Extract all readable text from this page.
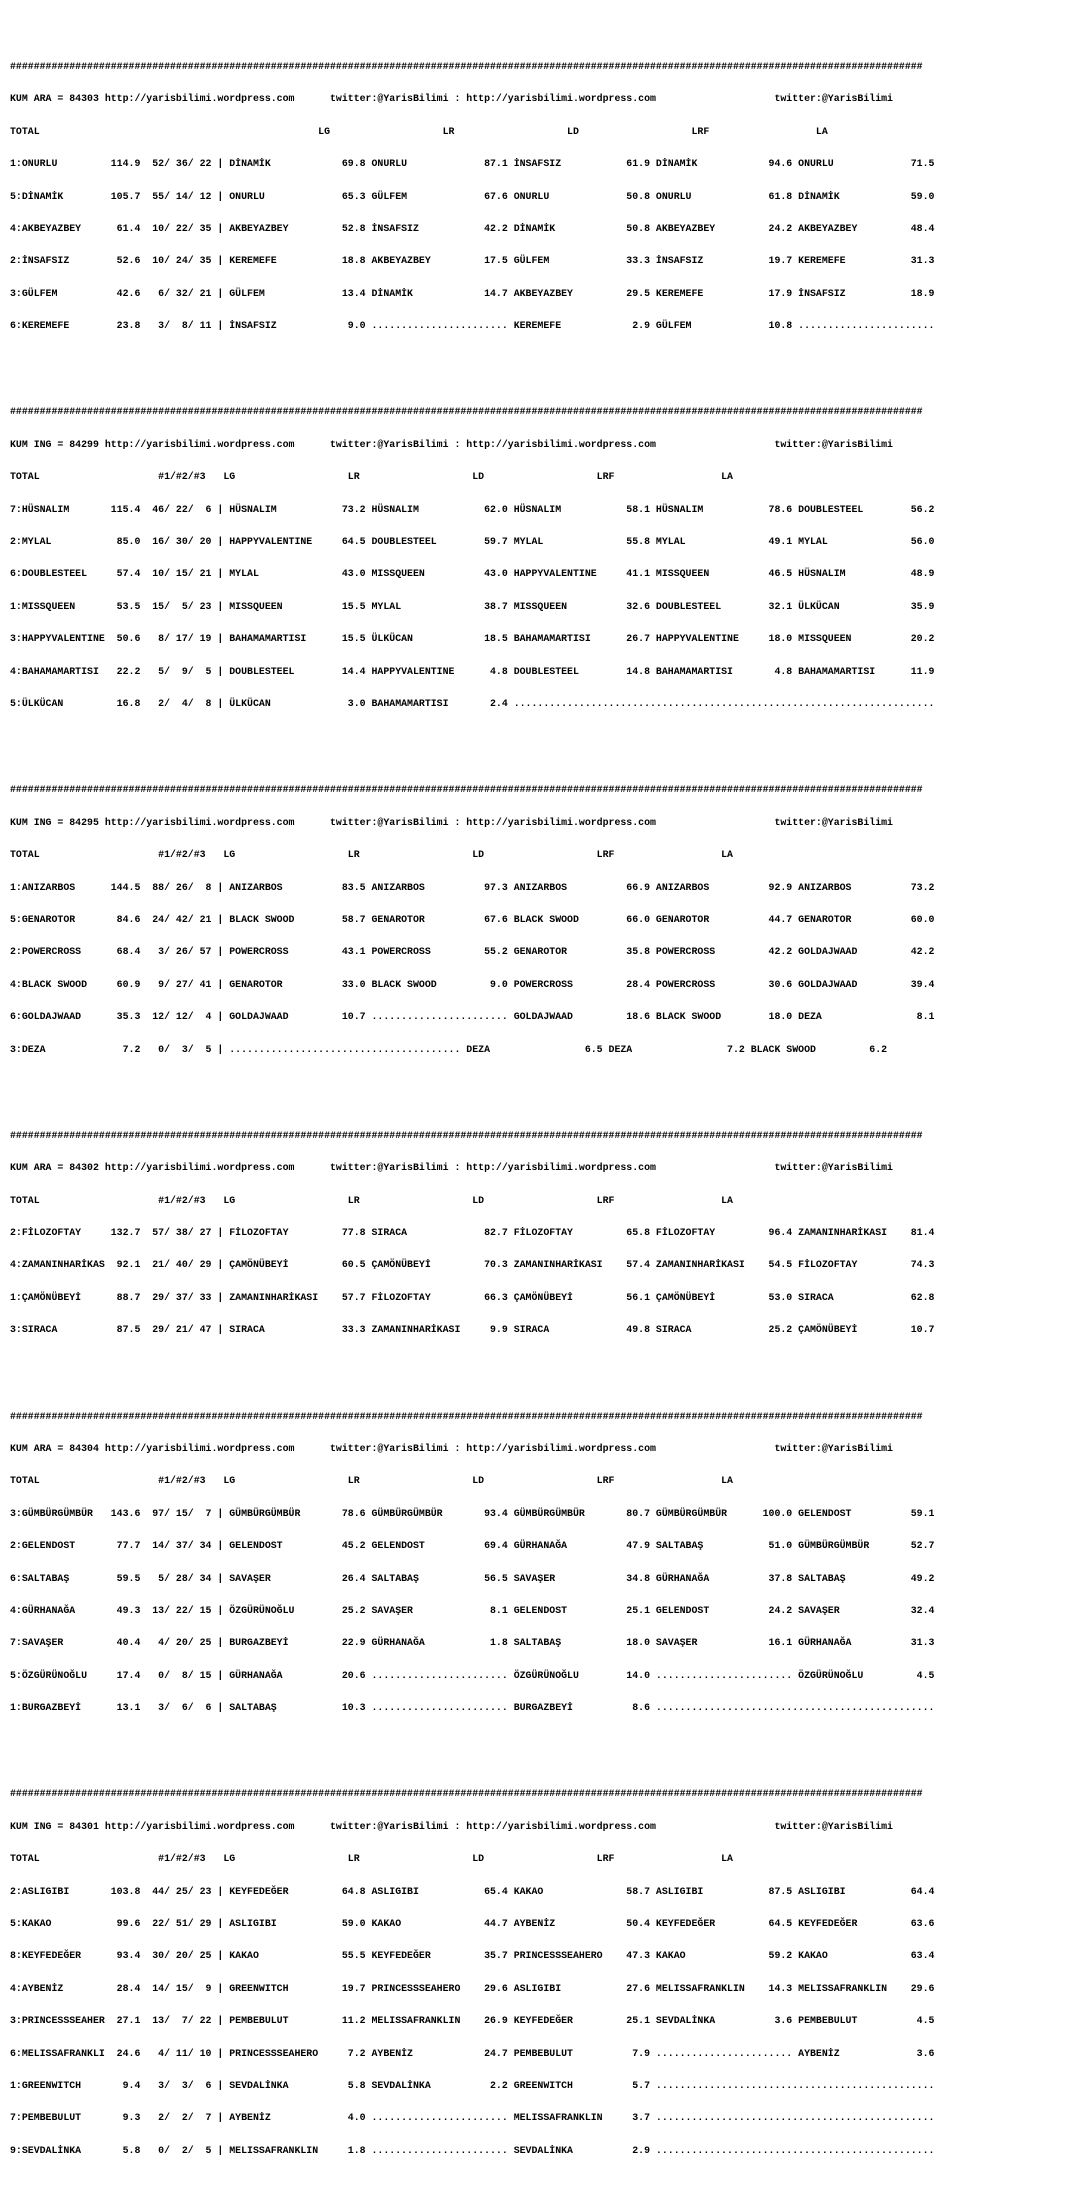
##########################################################################################################################################################

KUM ARA = 84303 http://yarisbilimi.wordpress.com      twitter:@YarisBilimi : http://yarisbilimi.wordpress.com                    twitter:@YarisBilimi

TOTAL                                               LG                   LR                   LD                   LRF                  LA

1:ONURLU         114.9  52/ 36/ 22 | DİNAMİK            69.8 ONURLU             87.1 İNSAFSIZ           61.9 DİNAMİK            94.6 ONURLU             71.5

5:DİNAMİK        105.7  55/ 14/ 12 | ONURLU             65.3 GÜLFEM             67.6 ONURLU             50.8 ONURLU             61.8 DİNAMİK            59.0

4:AKBEYAZBEY      61.4  10/ 22/ 35 | AKBEYAZBEY         52.8 İNSAFSIZ           42.2 DİNAMİK            50.8 AKBEYAZBEY         24.2 AKBEYAZBEY         48.4

2:İNSAFSIZ        52.6  10/ 24/ 35 | KEREMEFE           18.8 AKBEYAZBEY         17.5 GÜLFEM             33.3 İNSAFSIZ           19.7 KEREMEFE           31.3

3:GÜLFEM          42.6   6/ 32/ 21 | GÜLFEM             13.4 DİNAMİK            14.7 AKBEYAZBEY         29.5 KEREMEFE           17.9 İNSAFSIZ           18.9

6:KEREMEFE        23.8   3/  8/ 11 | İNSAFSIZ            9.0 ....................... KEREMEFE            2.9 GÜLFEM             10.8 .......................

##########################################################################################################################################################

KUM ING = 84299 http://yarisbilimi.wordpress.com      twitter:@YarisBilimi : http://yarisbilimi.wordpress.com                    twitter:@YarisBilimi

TOTAL                    #1/#2/#3   LG                   LR                   LD                   LRF                  LA

7:HÜSNALIM       115.4  46/ 22/  6 | HÜSNALIM           73.2 HÜSNALIM           62.0 HÜSNALIM           58.1 HÜSNALIM           78.6 DOUBLESTEEL        56.2

2:MYLAL           85.0  16/ 30/ 20 | HAPPYVALENTINE     64.5 DOUBLESTEEL        59.7 MYLAL              55.8 MYLAL              49.1 MYLAL              56.0

6:DOUBLESTEEL     57.4  10/ 15/ 21 | MYLAL              43.0 MISSQUEEN          43.0 HAPPYVALENTINE     41.1 MISSQUEEN          46.5 HÜSNALIM           48.9

1:MISSQUEEN       53.5  15/  5/ 23 | MISSQUEEN          15.5 MYLAL              38.7 MISSQUEEN          32.6 DOUBLESTEEL        32.1 ÜLKÜCAN            35.9

3:HAPPYVALENTINE  50.6   8/ 17/ 19 | BAHAMAMARTISI      15.5 ÜLKÜCAN            18.5 BAHAMAMARTISI      26.7 HAPPYVALENTINE     18.0 MISSQUEEN          20.2

4:BAHAMAMARTISI   22.2   5/  9/  5 | DOUBLESTEEL        14.4 HAPPYVALENTINE      4.8 DOUBLESTEEL        14.8 BAHAMAMARTISI       4.8 BAHAMAMARTISI      11.9

5:ÜLKÜCAN         16.8   2/  4/  8 | ÜLKÜCAN             3.0 BAHAMAMARTISI       2.4 .......................................................................

##########################################################################################################################################################

KUM ING = 84295 http://yarisbilimi.wordpress.com      twitter:@YarisBilimi : http://yarisbilimi.wordpress.com                    twitter:@YarisBilimi

TOTAL                    #1/#2/#3   LG                   LR                   LD                   LRF                  LA

1:ANIZARBOS      144.5  88/ 26/  8 | ANIZARBOS          83.5 ANIZARBOS          97.3 ANIZARBOS          66.9 ANIZARBOS          92.9 ANIZARBOS          73.2

5:GENAROTOR       84.6  24/ 42/ 21 | BLACK SWOOD        58.7 GENAROTOR          67.6 BLACK SWOOD        66.0 GENAROTOR          44.7 GENAROTOR          60.0

2:POWERCROSS      68.4   3/ 26/ 57 | POWERCROSS         43.1 POWERCROSS         55.2 GENAROTOR          35.8 POWERCROSS         42.2 GOLDAJWAAD         42.2

4:BLACK SWOOD     60.9   9/ 27/ 41 | GENAROTOR          33.0 BLACK SWOOD         9.0 POWERCROSS         28.4 POWERCROSS         30.6 GOLDAJWAAD         39.4

6:GOLDAJWAAD      35.3  12/ 12/  4 | GOLDAJWAAD         10.7 ....................... GOLDAJWAAD         18.6 BLACK SWOOD        18.0 DEZA                8.1

3:DEZA             7.2   0/  3/  5 | ....................................... DEZA                6.5 DEZA                7.2 BLACK SWOOD         6.2

##########################################################################################################################################################

KUM ARA = 84302 http://yarisbilimi.wordpress.com      twitter:@YarisBilimi : http://yarisbilimi.wordpress.com                    twitter:@YarisBilimi

TOTAL                    #1/#2/#3   LG                   LR                   LD                   LRF                  LA

2:FİLOZOFTAY     132.7  57/ 38/ 27 | FİLOZOFTAY         77.8 SIRACA             82.7 FİLOZOFTAY         65.8 FİLOZOFTAY         96.4 ZAMANINHARİKASI    81.4

4:ZAMANINHARİKAS  92.1  21/ 40/ 29 | ÇAMÖNÜBEYİ         60.5 ÇAMÖNÜBEYİ         70.3 ZAMANINHARİKASI    57.4 ZAMANINHARİKASI    54.5 FİLOZOFTAY         74.3

1:ÇAMÖNÜBEYİ      88.7  29/ 37/ 33 | ZAMANINHARİKASI    57.7 FİLOZOFTAY         66.3 ÇAMÖNÜBEYİ         56.1 ÇAMÖNÜBEYİ         53.0 SIRACA             62.8

3:SIRACA          87.5  29/ 21/ 47 | SIRACA             33.3 ZAMANINHARİKASI     9.9 SIRACA             49.8 SIRACA             25.2 ÇAMÖNÜBEYİ         10.7

##########################################################################################################################################################

KUM ARA = 84304 http://yarisbilimi.wordpress.com      twitter:@YarisBilimi : http://yarisbilimi.wordpress.com                    twitter:@YarisBilimi

TOTAL                    #1/#2/#3   LG                   LR                   LD                   LRF                  LA

3:GÜMBÜRGÜMBÜR   143.6  97/ 15/  7 | GÜMBÜRGÜMBÜR       78.6 GÜMBÜRGÜMBÜR       93.4 GÜMBÜRGÜMBÜR       80.7 GÜMBÜRGÜMBÜR      100.0 GELENDOST          59.1

2:GELENDOST       77.7  14/ 37/ 34 | GELENDOST          45.2 GELENDOST          69.4 GÜRHANAĞA          47.9 SALTABAŞ           51.0 GÜMBÜRGÜMBÜR       52.7

6:SALTABAŞ        59.5   5/ 28/ 34 | SAVAŞER            26.4 SALTABAŞ           56.5 SAVAŞER            34.8 GÜRHANAĞA          37.8 SALTABAŞ           49.2

4:GÜRHANAĞA       49.3  13/ 22/ 15 | ÖZGÜRÜNOĞLU        25.2 SAVAŞER             8.1 GELENDOST          25.1 GELENDOST          24.2 SAVAŞER            32.4

7:SAVAŞER         40.4   4/ 20/ 25 | BURGAZBEYİ         22.9 GÜRHANAĞA           1.8 SALTABAŞ           18.0 SAVAŞER            16.1 GÜRHANAĞA          31.3

5:ÖZGÜRÜNOĞLU     17.4   0/  8/ 15 | GÜRHANAĞA          20.6 ....................... ÖZGÜRÜNOĞLU        14.0 ....................... ÖZGÜRÜNOĞLU         4.5

1:BURGAZBEYİ      13.1   3/  6/  6 | SALTABAŞ           10.3 ....................... BURGAZBEYİ          8.6 ...............................................

##########################################################################################################################################################

KUM ING = 84301 http://yarisbilimi.wordpress.com      twitter:@YarisBilimi : http://yarisbilimi.wordpress.com                    twitter:@YarisBilimi

TOTAL                    #1/#2/#3   LG                   LR                   LD                   LRF                  LA

2:ASLIGIBI       103.8  44/ 25/ 23 | KEYFEDEĞER         64.8 ASLIGIBI           65.4 KAKAO              58.7 ASLIGIBI           87.5 ASLIGIBI           64.4

5:KAKAO           99.6  22/ 51/ 29 | ASLIGIBI           59.0 KAKAO              44.7 AYBENİZ            50.4 KEYFEDEĞER         64.5 KEYFEDEĞER         63.6

8:KEYFEDEĞER      93.4  30/ 20/ 25 | KAKAO              55.5 KEYFEDEĞER         35.7 PRINCESSSEAHERO    47.3 KAKAO              59.2 KAKAO              63.4

4:AYBENİZ         28.4  14/ 15/  9 | GREENWITCH         19.7 PRINCESSSEAHERO    29.6 ASLIGIBI           27.6 MELISSAFRANKLIN    14.3 MELISSAFRANKLIN    29.6

3:PRINCESSSEAHER  27.1  13/  7/ 22 | PEMBEBULUT         11.2 MELISSAFRANKLIN    26.9 KEYFEDEĞER         25.1 SEVDALİNKA          3.6 PEMBEBULUT          4.5

6:MELISSAFRANKLI  24.6   4/ 11/ 10 | PRINCESSSEAHERO     7.2 AYBENİZ            24.7 PEMBEBULUT          7.9 ....................... AYBENİZ             3.6

1:GREENWITCH       9.4   3/  3/  6 | SEVDALİNKA          5.8 SEVDALİNKA          2.2 GREENWITCH          5.7 ...............................................

7:PEMBEBULUT       9.3   2/  2/  7 | AYBENİZ             4.0 ....................... MELISSAFRANKLIN     3.7 ...............................................

9:SEVDALİNKA       5.8   0/  2/  5 | MELISSAFRANKLIN     1.8 ....................... SEVDALİNKA          2.9 ...............................................
